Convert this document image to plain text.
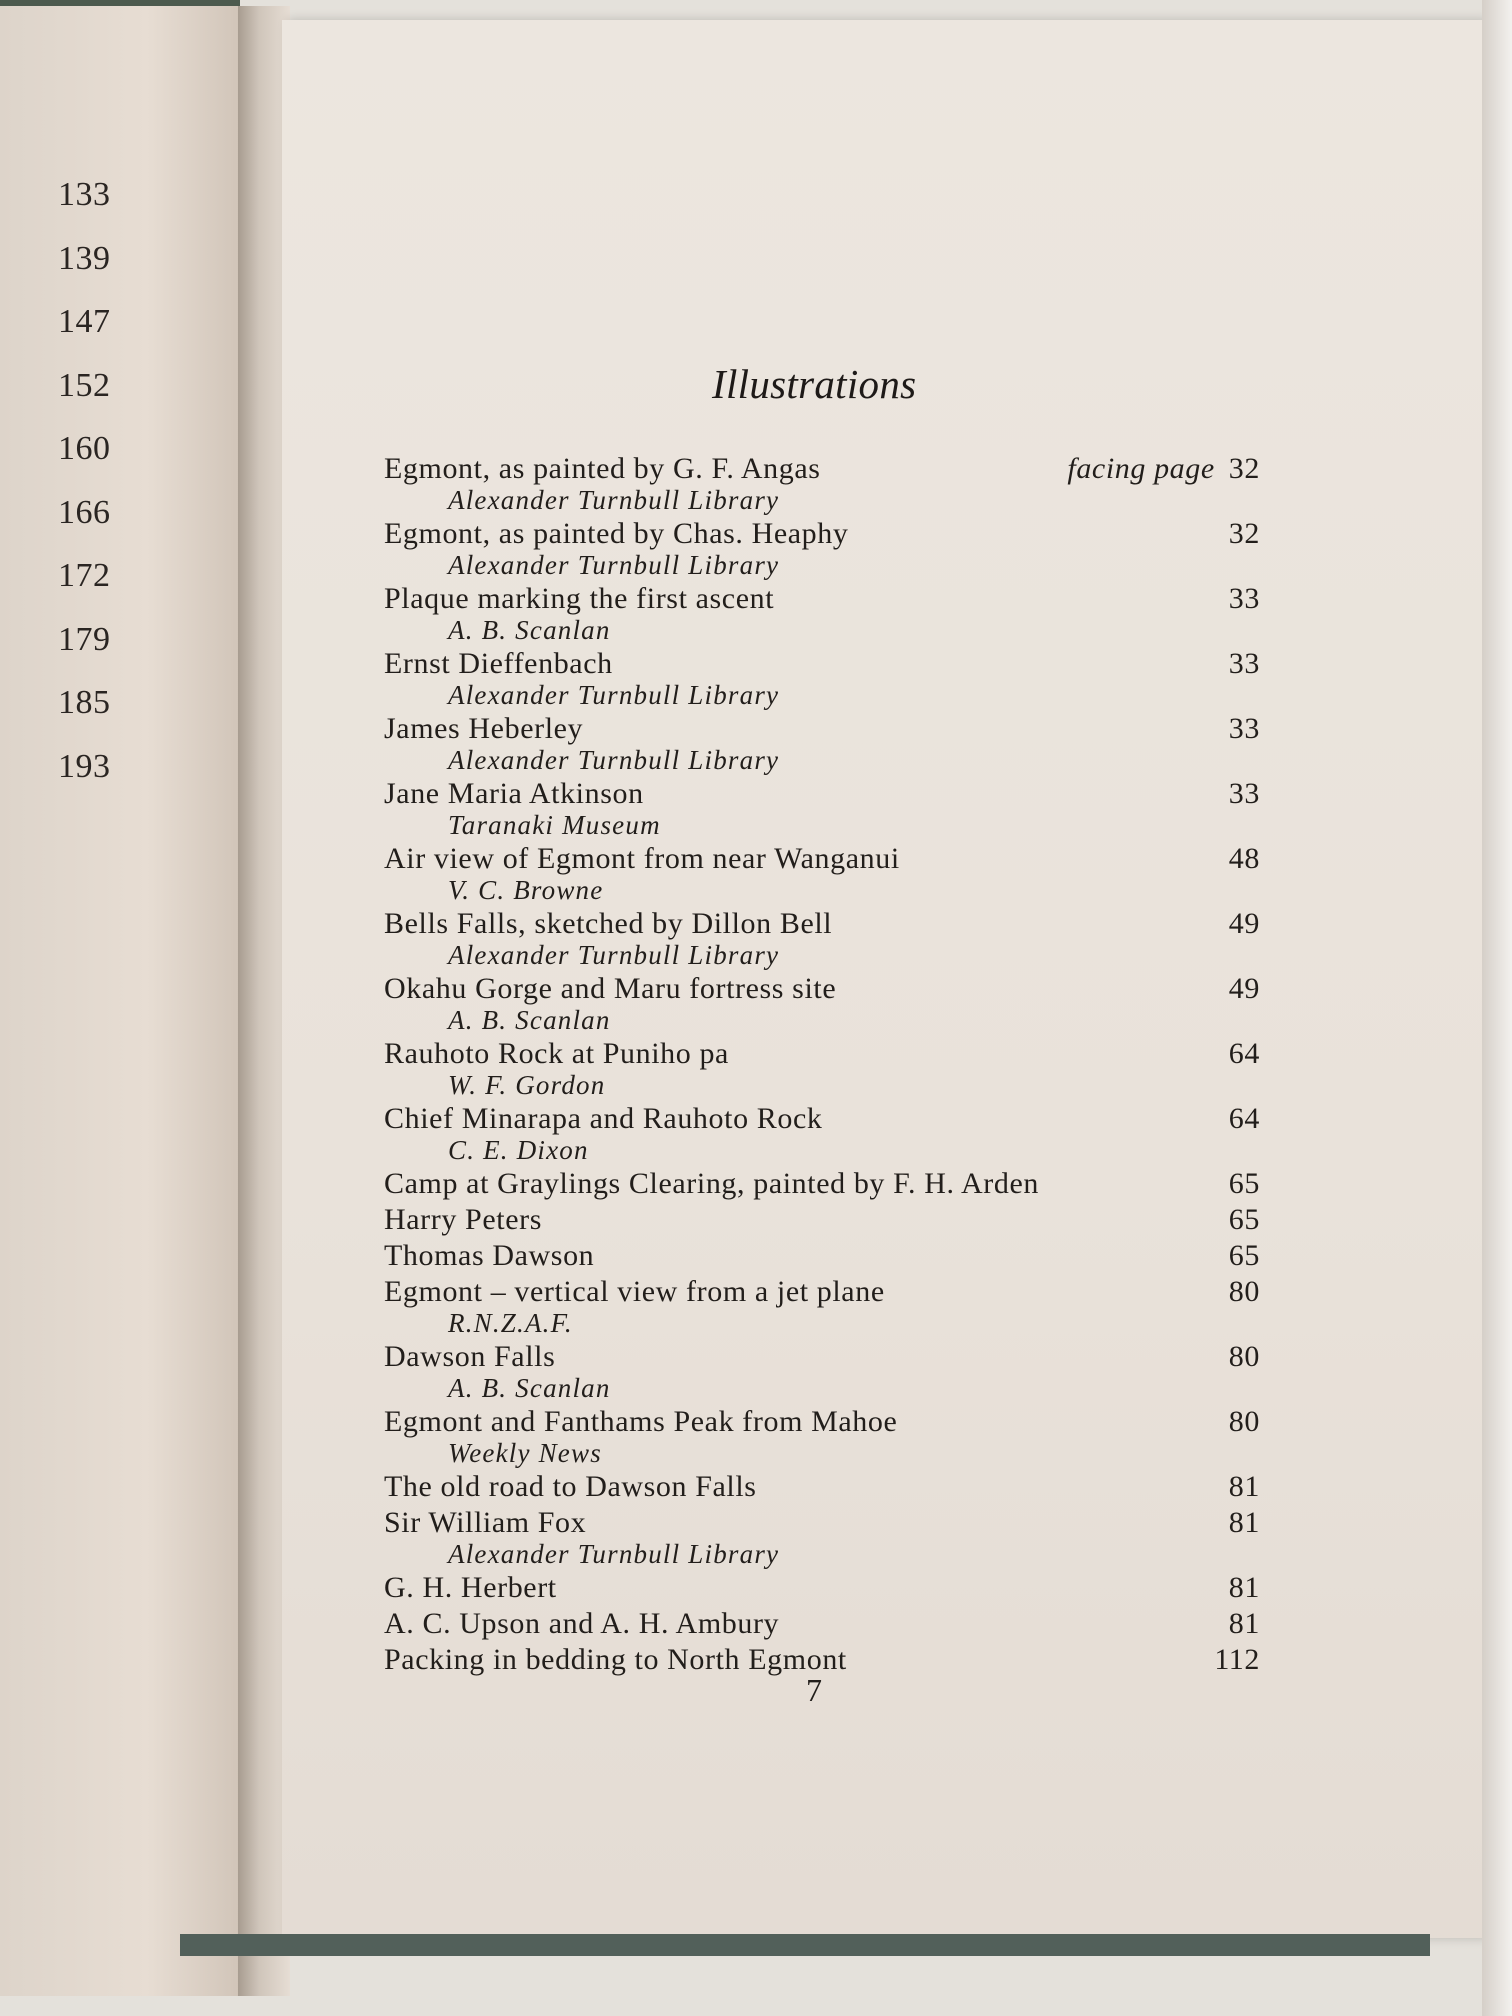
133
139
147
152
160
166
172
179
185
193
Illustrations
Egmont, as painted by G. F. Angas	facing page 32
Alexander Turnbull Library
Egmont, as painted by Chas. Heaphy	32
Alexander Turnbull Library
Plaque marking the first ascent	33
A. B. Scanlan
Ernst Dieffenbach	33
Alexander Turnbull Library
James Heberley	33
Alexander Turnbull Library
Jane Maria Atkinson	33
Taranaki Museum
Air view of Egmont from near Wanganui	48
V. C. Browne
Bells Falls, sketched by Dillon Bell	49
Alexander Turnbull Library
Okahu Gorge and Maru fortress site	49
A. B. Scanlan
Rauhoto Rock at Puniho pa	64
W. F. Gordon
Chief Minarapa and Rauhoto Rock	64
C. E. Dixon
Camp at Graylings Clearing, painted by F. H. Arden	65
Harry Peters	65
Thomas Dawson	65
Egmont – vertical view from a jet plane	80
R.N.Z.A.F.
Dawson Falls	80
A. B. Scanlan
Egmont and Fanthams Peak from Mahoe	80
Weekly News
The old road to Dawson Falls	81
Sir William Fox	81
Alexander Turnbull Library
G. H. Herbert	81
A. C. Upson and A. H. Ambury	81
Packing in bedding to North Egmont	112

7
